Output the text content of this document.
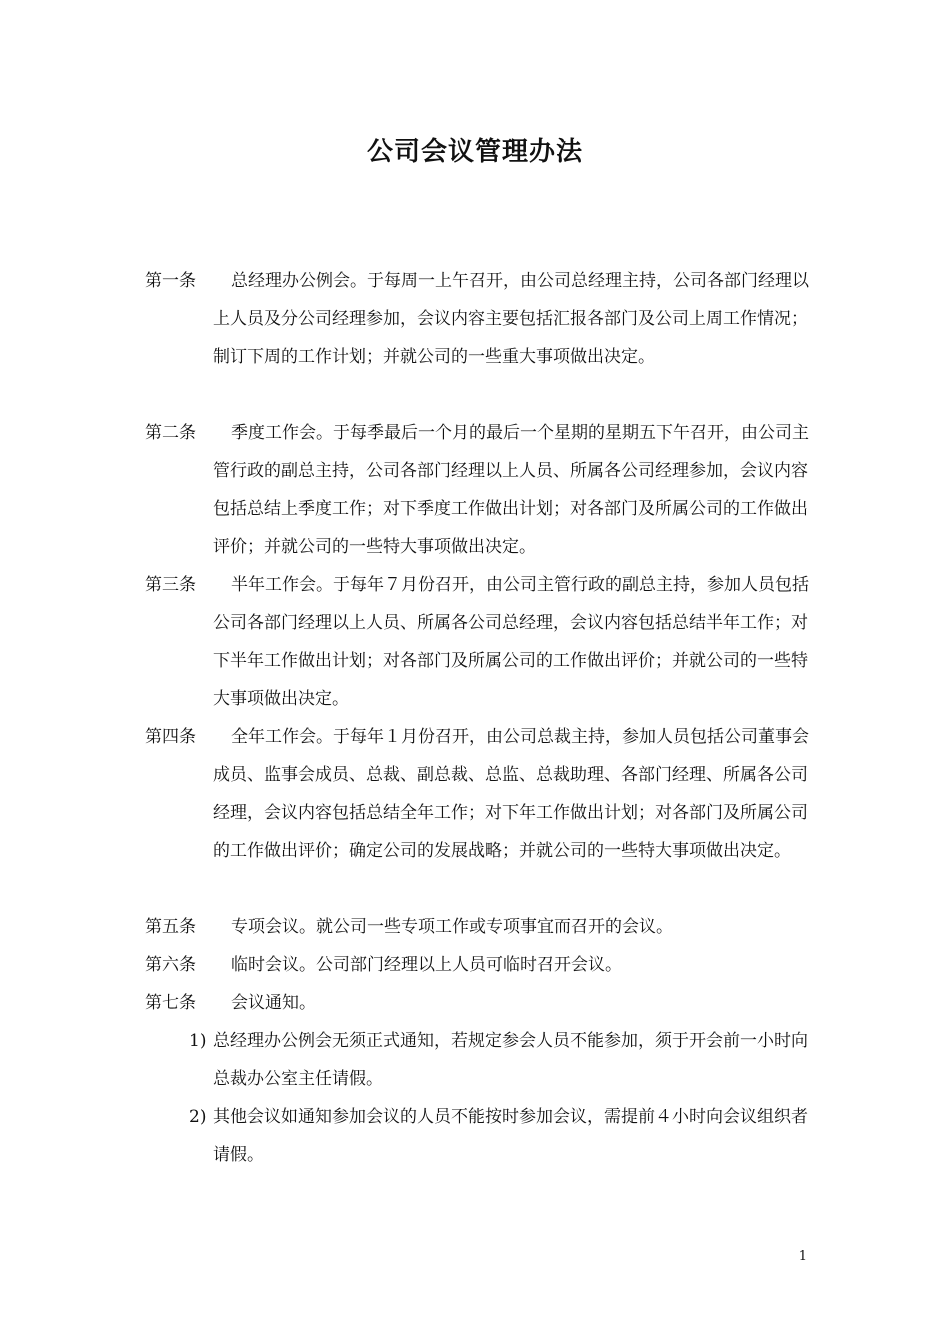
公司会议管理办法
第一条	总经理办公例会。于每周一上午召开，由公司总经理主持，公司各部门经理以上人员及分公司经理参加，会议内容主要包括汇报各部门及公司上周工作情况；制订下周的工作计划；并就公司的一些重大事项做出决定。
第二条	季度工作会。于每季最后一个月的最后一个星期的星期五下午召开，由公司主管行政的副总主持，公司各部门经理以上人员、所属各公司经理参加，会议内容包括总结上季度工作；对下季度工作做出计划；对各部门及所属公司的工作做出评价；并就公司的一些特大事项做出决定。
第三条	半年工作会。于每年７月份召开，由公司主管行政的副总主持，参加人员包括公司各部门经理以上人员、所属各公司总经理，会议内容包括总结半年工作；对下半年工作做出计划；对各部门及所属公司的工作做出评价；并就公司的一些特大事项做出决定。
第四条	全年工作会。于每年１月份召开，由公司总裁主持，参加人员包括公司董事会成员、监事会成员、总裁、副总裁、总监、总裁助理、各部门经理、所属各公司经理，会议内容包括总结全年工作；对下年工作做出计划；对各部门及所属公司的工作做出评价；确定公司的发展战略；并就公司的一些特大事项做出决定。
第五条	专项会议。就公司一些专项工作或专项事宜而召开的会议。
第六条	临时会议。公司部门经理以上人员可临时召开会议。
第七条	会议通知。
1) 总经理办公例会无须正式通知，若规定参会人员不能参加，须于开会前一小时向总裁办公室主任请假。
2) 其他会议如通知参加会议的人员不能按时参加会议，需提前４小时向会议组织者请假。
1
